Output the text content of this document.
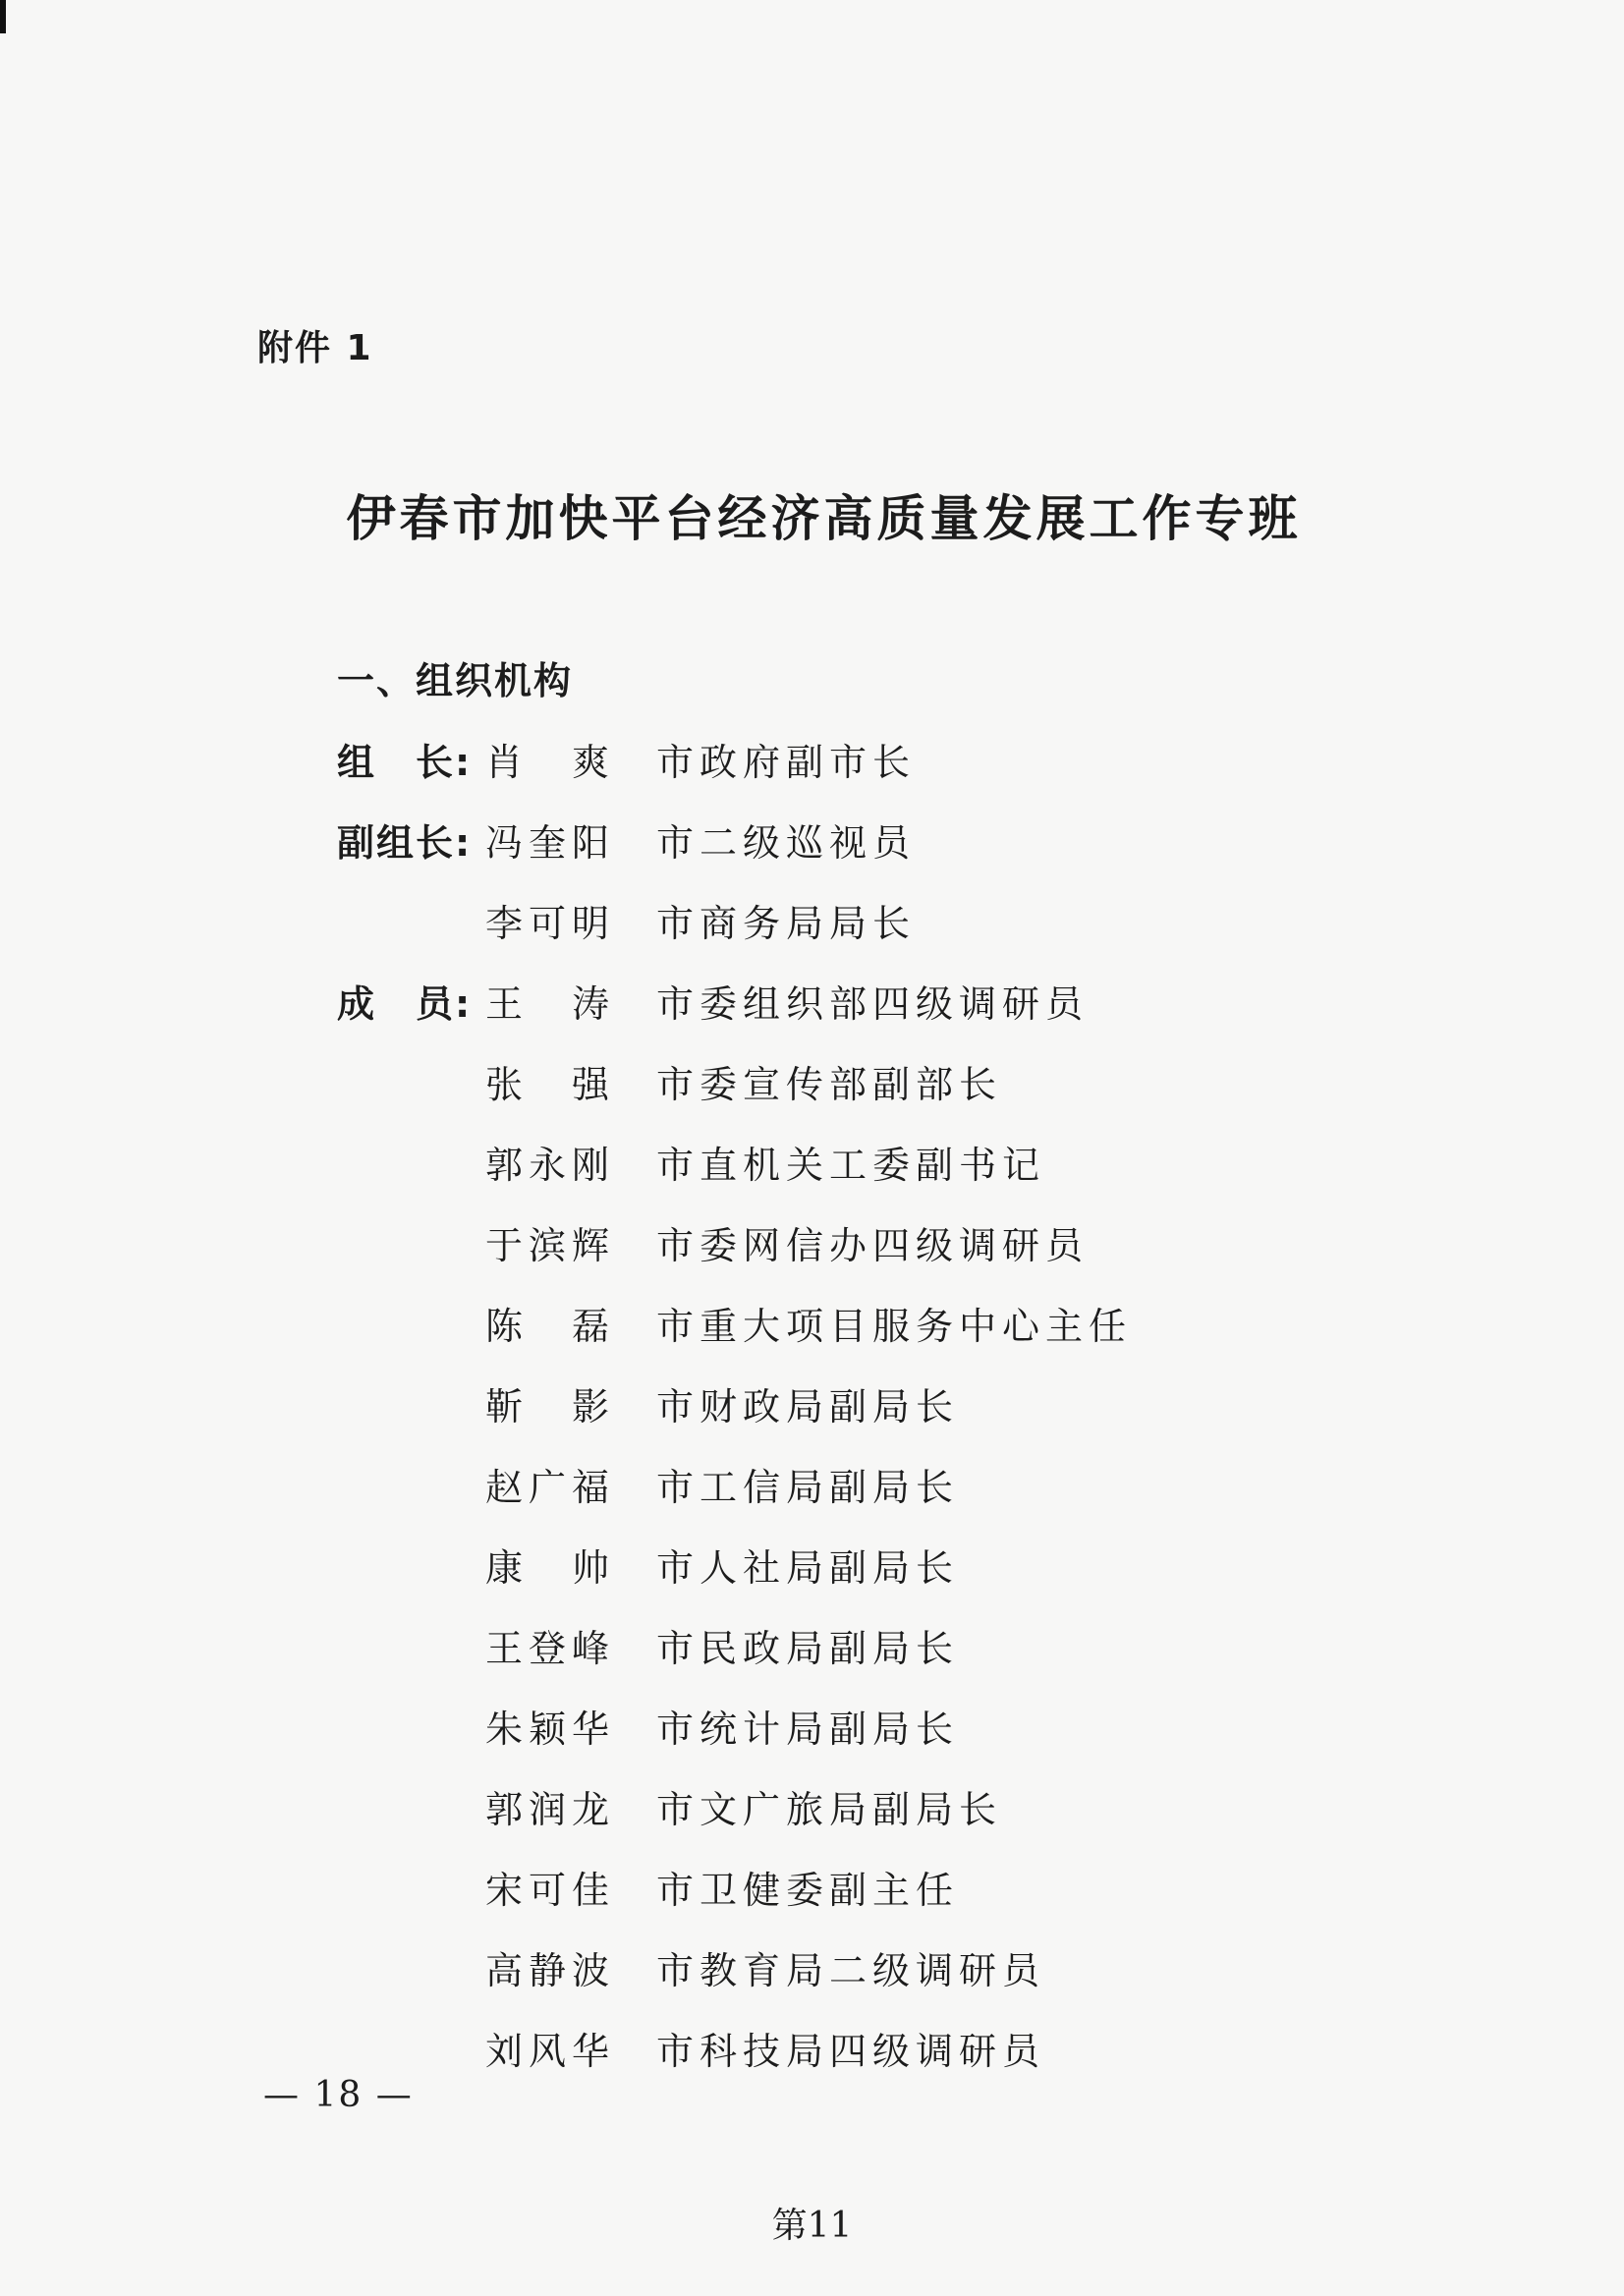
附件 1
伊春市加快平台经济高质量发展工作专班
一、组织机构
组　长: 肖　爽 市政府副市长
副组长: 冯奎阳 市二级巡视员
李可明 市商务局局长
成　员: 王　涛 市委组织部四级调研员
张　强 市委宣传部副部长
郭永刚 市直机关工委副书记
于滨辉 市委网信办四级调研员
陈　磊 市重大项目服务中心主任
靳　影 市财政局副局长
赵广福 市工信局副局长
康　帅 市人社局副局长
王登峰 市民政局副局长
朱颖华 市统计局副局长
郭润龙 市文广旅局副局长
宋可佳 市卫健委副主任
高静波 市教育局二级调研员
刘风华 市科技局四级调研员
— 18 —
第11
